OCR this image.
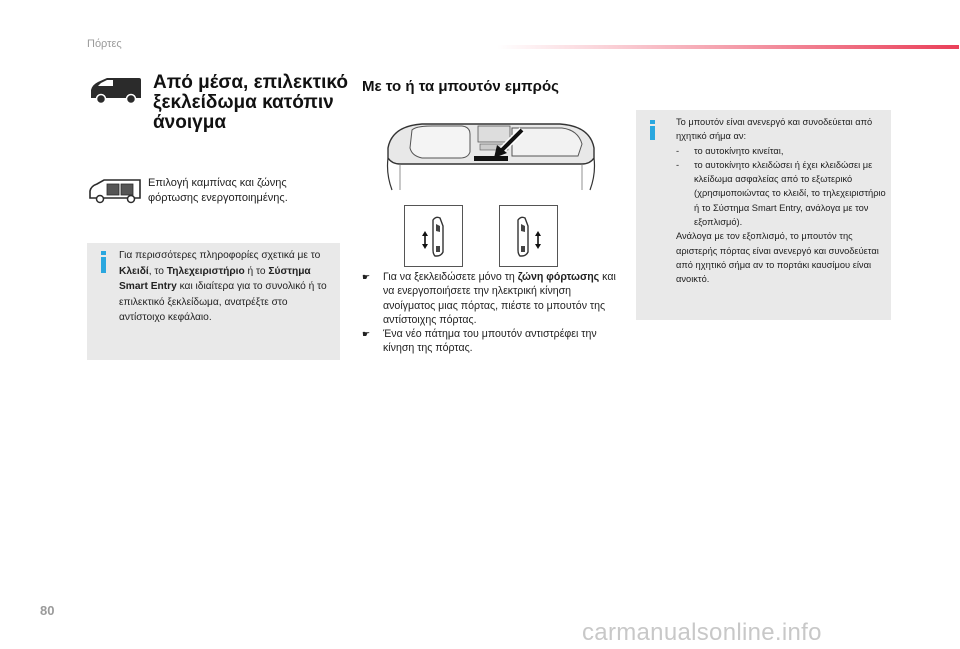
Πόρτες
Από μέσα, επιλεκτικό ξεκλείδωμα κατόπιν άνοιγμα
Επιλογή καμπίνας και ζώνης φόρτωσης ενεργοποιημένης.
Για περισσότερες πληροφορίες σχετικά με το Κλειδί, το Τηλεχειριστήριο ή το Σύστημα Smart Entry και ιδιαίτερα για το συνολικό ή το επιλεκτικό ξεκλείδωμα, ανατρέξτε στο αντίστοιχο κεφάλαιο.
Με το ή τα μπουτόν εμπρός
☛	Για να ξεκλειδώσετε μόνο τη ζώνη φόρτωσης και να ενεργοποιήσετε την ηλεκτρική κίνηση ανοίγματος μιας πόρτας, πιέστε το μπουτόν της αντίστοιχης πόρτας.
☛	Ένα νέο πάτημα του μπουτόν αντιστρέφει την κίνηση της πόρτας.
Το μπουτόν είναι ανενεργό και συνοδεύεται από ηχητικό σήμα αν:
-	το αυτοκίνητο κινείται,
-	το αυτοκίνητο κλειδώσει ή έχει κλειδώσει με κλείδωμα ασφαλείας από το εξωτερικό (χρησιμοποιώντας το κλειδί, το τηλεχειριστήριο ή το Σύστημα Smart Entry, ανάλογα με τον εξοπλισμό).
Ανάλογα με τον εξοπλισμό, το μπουτόν της αριστερής πόρτας είναι ανενεργό και συνοδεύεται από ηχητικό σήμα αν το πορτάκι καυσίμου είναι ανοικτό.
80
carmanualsonline.info
